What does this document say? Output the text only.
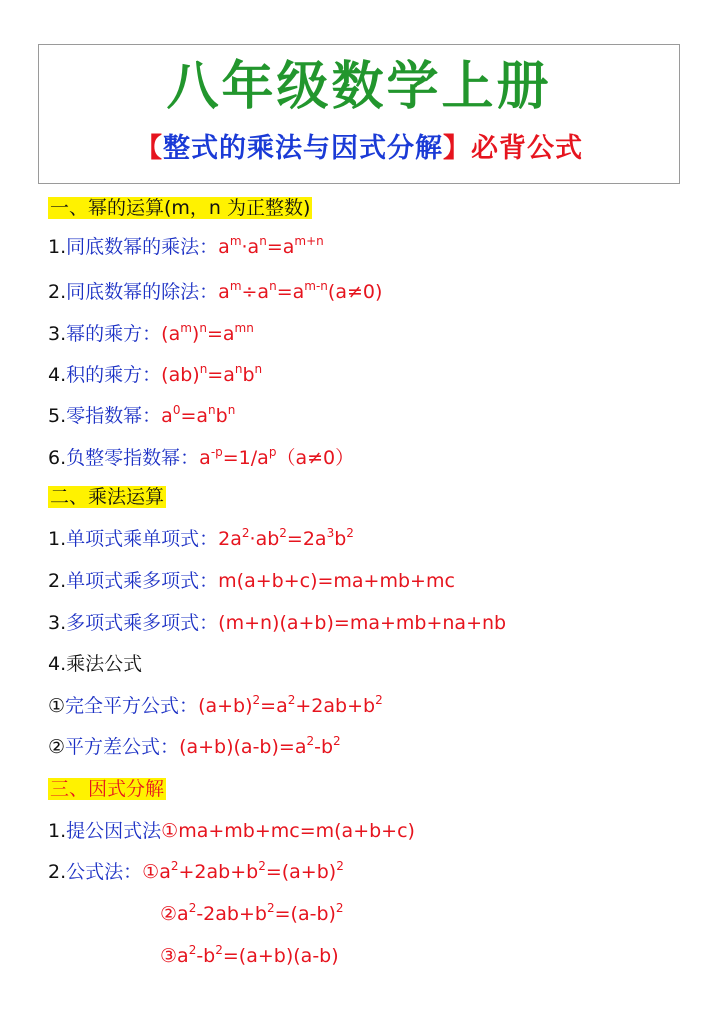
八年级数学上册
【整式的乘法与因式分解】必背公式
一、幂的运算(m，n 为正整数)
1.同底数幂的乘法：$a^m\cdot a^n=a^{m+n}$
2.同底数幂的除法：$a^m\div a^n=a^{m-n}(a\ne 0)$
3.幂的乘方：$(a^m)^n=a^{mn}$
4.积的乘方：$(ab)^n=a^nb^n$
5.零指数幂：$a^0=a^nb^n$
6.负整零指数幂：$a^{-p}=1/a^p(a\ne 0)$
二、乘法运算
1.单项式乘单项式：$2a^2\cdot ab^2=2a^3b^2$
2.单项式乘多项式：m(a+b+c)=ma+mb+mc
3.多项式乘多项式：(m+n)(a+b)=ma+mb+na+nb
4.乘法公式
①完全平方公式：$(a+b)^2=a^2+2ab+b^2$
②平方差公式：$(a+b)(a-b)=a^2-b^2$
三、因式分解
1.提公因式法①ma+mb+mc=m(a+b+c)
2.公式法：$①a^2+2ab+b^2=(a+b)^2$
$②a^2-2ab+b^2=(a-b)^2$
$③a^2-b^2=(a+b)(a-b)$
